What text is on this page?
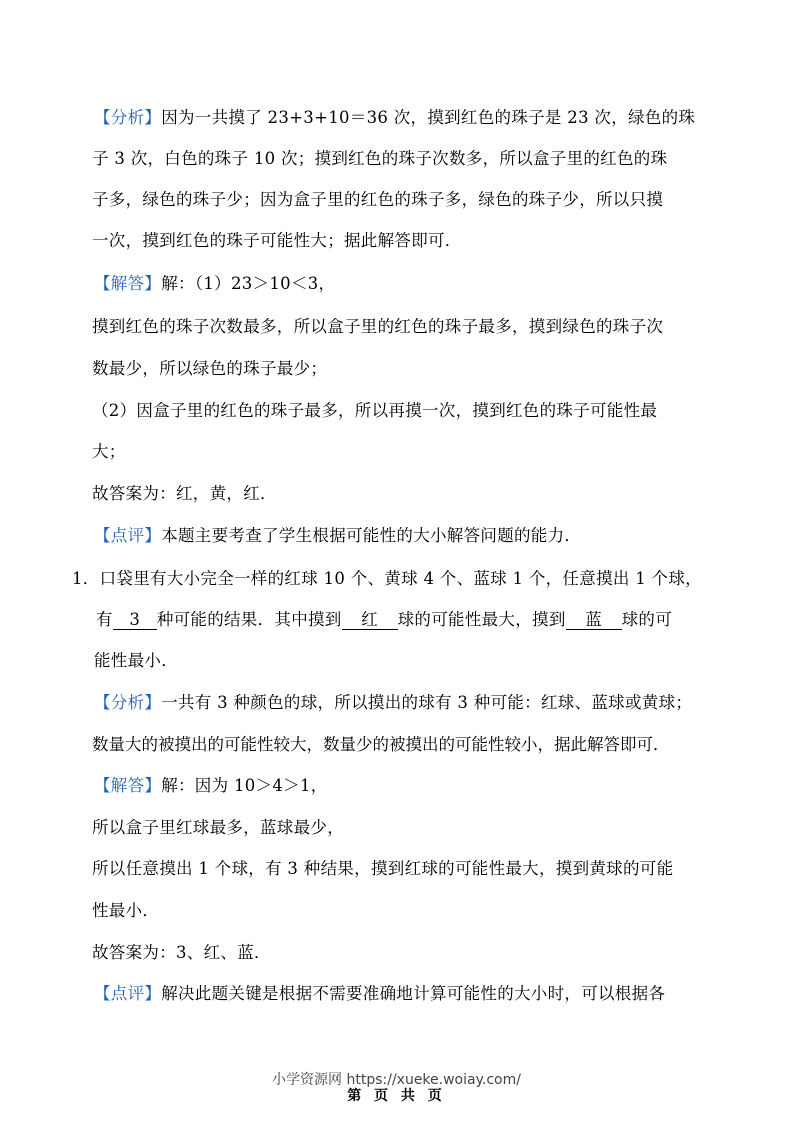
【分析】因为一共摸了 23+3+10＝36 次，摸到红色的珠子是 23 次，绿色的珠

子 3 次，白色的珠子 10 次；摸到红色的珠子次数多，所以盒子里的红色的珠

子多，绿色的珠子少；因为盒子里的红色的珠子多，绿色的珠子少，所以只摸

一次，摸到红色的珠子可能性大；据此解答即可．

【解答】解：（1）23＞10＜3，

摸到红色的珠子次数最多，所以盒子里的红色的珠子最多，摸到绿色的珠子次

数最少，所以绿色的珠子最少；

（2）因盒子里的红色的珠子最多，所以再摸一次，摸到红色的珠子可能性最

大；

故答案为：红，黄，红．

【点评】本题主要考查了学生根据可能性的大小解答问题的能力．

1．口袋里有大小完全一样的红球 10 个、黄球 4 个、蓝球 1 个，任意摸出 1 个球，

有 3 种可能的结果．其中摸到 红 球的可能性最大，摸到 蓝 球的可

能性最小．

【分析】一共有 3 种颜色的球，所以摸出的球有 3 种可能：红球、蓝球或黄球；

数量大的被摸出的可能性较大，数量少的被摸出的可能性较小，据此解答即可．

【解答】解：因为 10＞4＞1，

所以盒子里红球最多，蓝球最少，

所以任意摸出 1 个球，有 3 种结果，摸到红球的可能性最大，摸到黄球的可能

性最小．

故答案为：3、红、蓝．

【点评】解决此题关键是根据不需要准确地计算可能性的大小时，可以根据各

小学资源网 https://xueke.woiay.com/
第 页 共 页
